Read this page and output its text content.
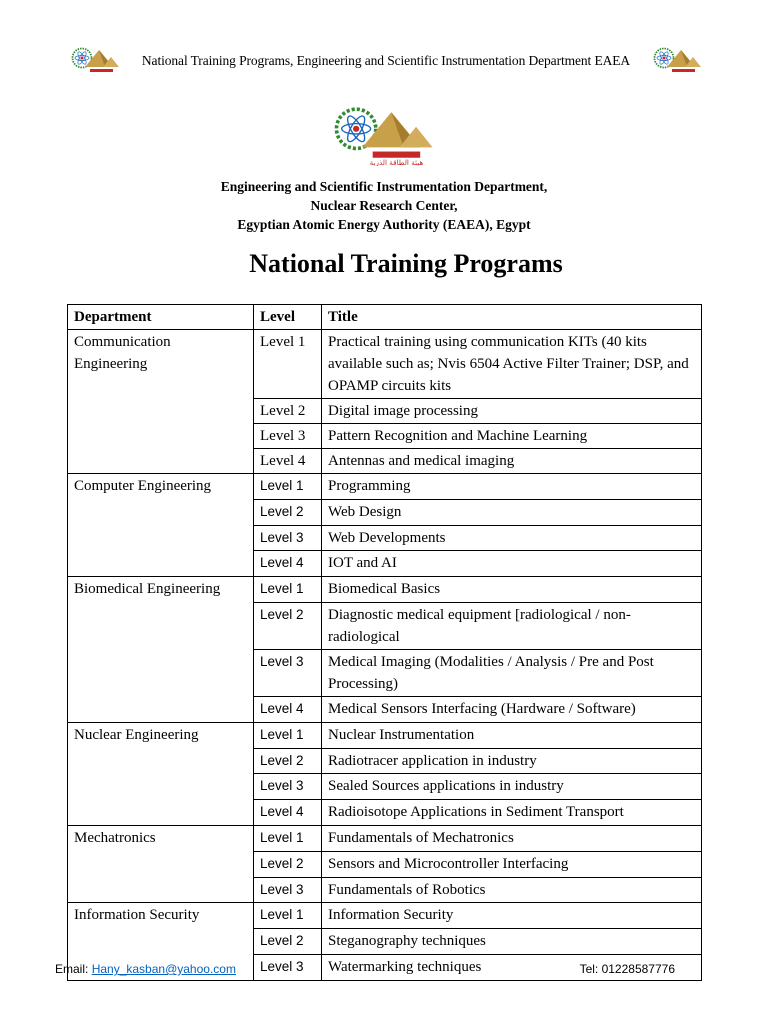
National Training Programs, Engineering and Scientific Instrumentation Department EAEA
هيئة الطاقة الذرية
Engineering and Scientific Instrumentation Department,
Nuclear Research Center,
Egyptian Atomic Energy Authority (EAEA), Egypt
National Training Programs
Department	Level	Title
Communication Engineering	Level 1	Practical training using communication KITs (40 kits available such as; Nvis 6504 Active Filter Trainer; DSP, and OPAMP circuits kits
	Level 2	Digital image processing
	Level 3	Pattern Recognition and Machine Learning
	Level 4	Antennas and medical imaging
Computer Engineering	Level 1	Programming
	Level 2	Web Design
	Level 3	Web Developments
	Level 4	IOT and AI
Biomedical Engineering	Level 1	Biomedical Basics
	Level 2	Diagnostic medical equipment [radiological / non-radiological
	Level 3	Medical Imaging (Modalities / Analysis / Pre and Post Processing)
	Level 4	Medical Sensors Interfacing (Hardware / Software)
Nuclear Engineering	Level 1	Nuclear Instrumentation
	Level 2	Radiotracer application in industry
	Level 3	Sealed Sources applications in industry
	Level 4	Radioisotope Applications in Sediment Transport
Mechatronics	Level 1	Fundamentals of Mechatronics
	Level 2	Sensors and Microcontroller Interfacing
	Level 3	Fundamentals of Robotics
Information Security	Level 1	Information Security
	Level 2	Steganography techniques
	Level 3	Watermarking techniques
Email: Hany_kasban@yahoo.com	Tel: 01228587776
